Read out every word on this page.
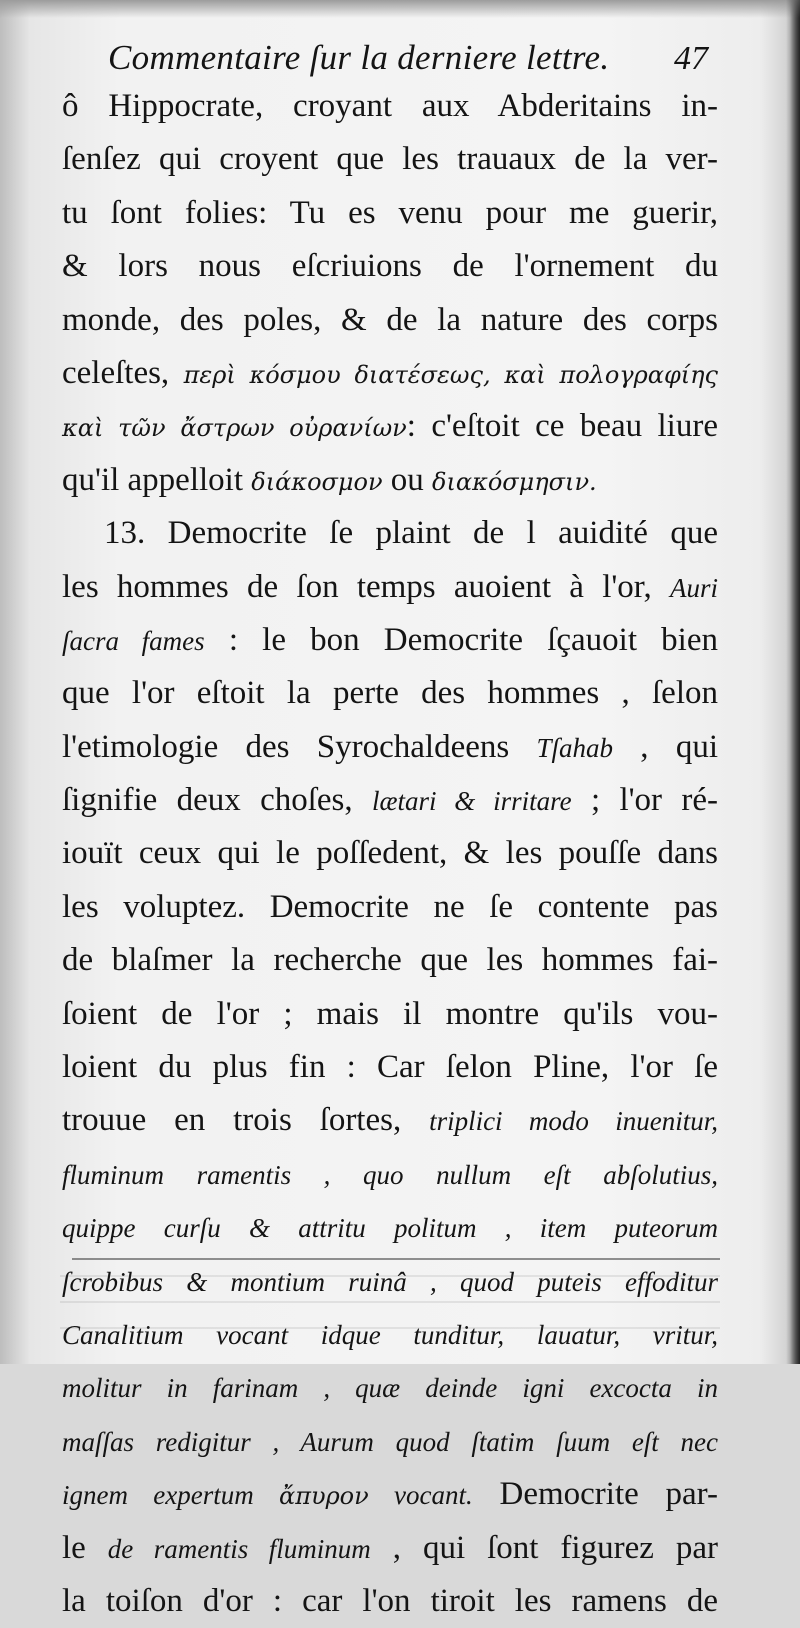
Commentaire ſur la derniere lettre. 47
ô Hippocrate, croyant aux Abderitains in-
ſenſez qui croyent que les trauaux de la ver-
tu ſont folies: Tu es venu pour me guerir,
& lors nous eſcriuions de l'ornement du
monde, des poles, & de la nature des corps
celeſtes, περὶ κόσμου διατέσεως, καὶ πολογραφίης
καὶ τῶν ἄστρων οὐρανίων: c'eſtoit ce beau liure
qu'il appelloit διάκοσμον ou διακόσμησιν.
13. Democrite ſe plaint de l auidité que
les hommes de ſon temps auoient à l'or, Auri
ſacra fames : le bon Democrite ſçauoit bien
que l'or eſtoit la perte des hommes , ſelon
l'etimologie des Syrochaldeens Tſahab , qui
ſignifie deux choſes, lætari & irritare ; l'or ré-
iouït ceux qui le poſſedent, & les pouſſe dans
les voluptez. Democrite ne ſe contente pas
de blaſmer la recherche que les hommes fai-
ſoient de l'or ; mais il montre qu'ils vou-
loient du plus fin : Car ſelon Pline, l'or ſe
trouue en trois ſortes, triplici modo inuenitur,
fluminum ramentis , quo nullum eſt abſolutius,
quippe curſu & attritu politum , item puteorum
ſcrobibus & montium ruinâ , quod puteis effoditur
Canalitium vocant idque tunditur, lauatur, vritur,
molitur in farinam , quæ deinde igni excocta in
maſſas redigitur , Aurum quod ſtatim ſuum eſt nec
ignem expertum ἄπυρον vocant. Democrite par-
le de ramentis fluminum , qui ſont figurez par
la toiſon d'or : car l'on tiroit les ramens de
